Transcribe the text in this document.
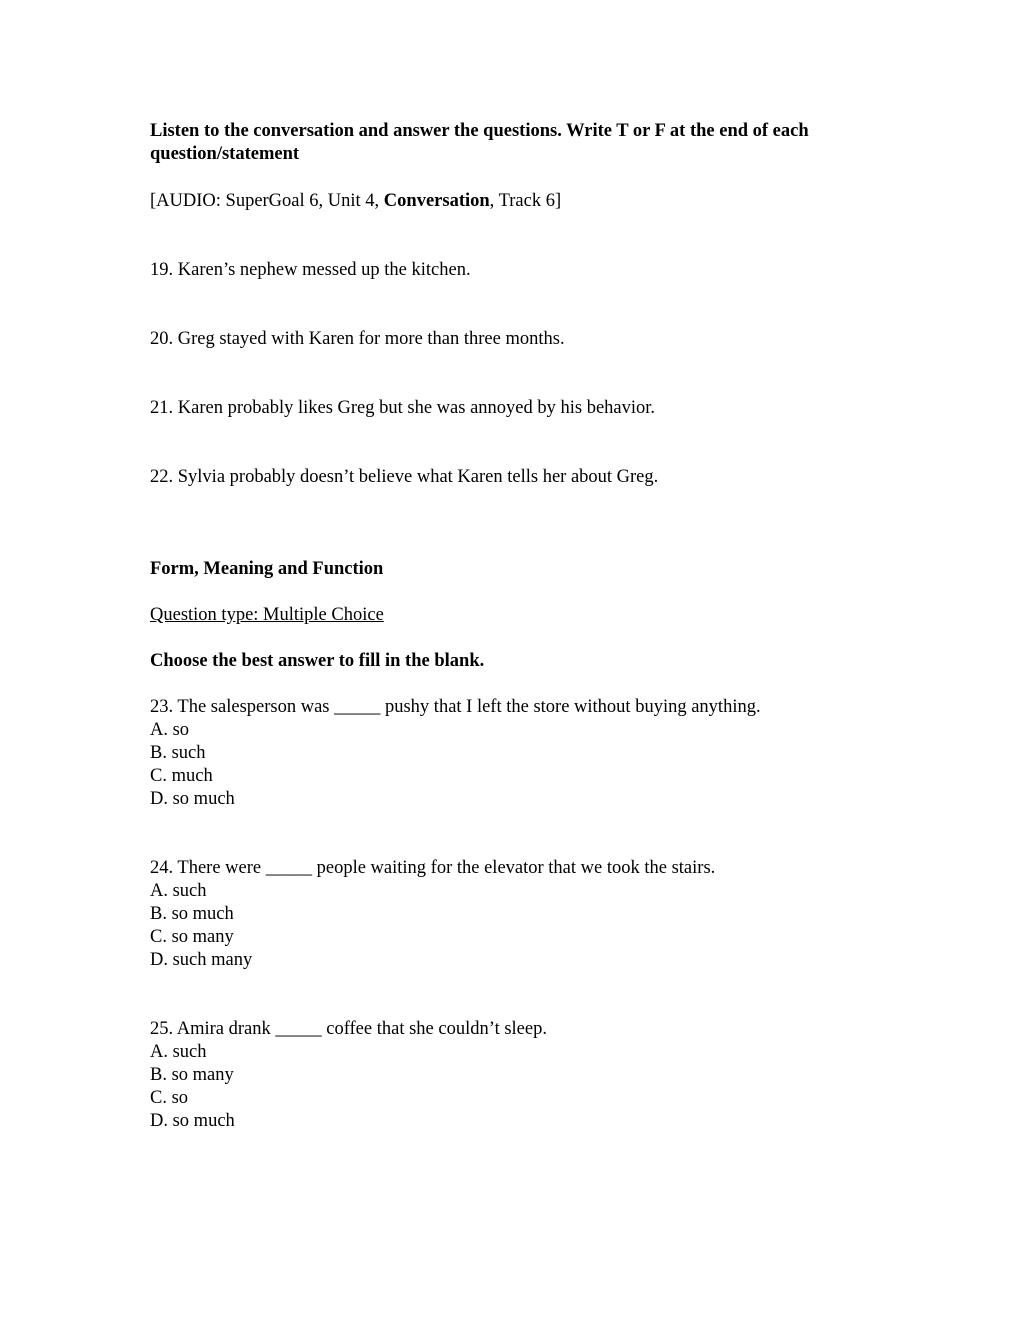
Listen to the conversation and answer the questions. Write T or F at the end of each question/statement
[AUDIO: SuperGoal 6, Unit 4, Conversation, Track 6]
19. Karen’s nephew messed up the kitchen.
20. Greg stayed with Karen for more than three months.
21. Karen probably likes Greg but she was annoyed by his behavior.
22. Sylvia probably doesn’t believe what Karen tells her about Greg.
Form, Meaning and Function
Question type: Multiple Choice
Choose the best answer to fill in the blank.
23. The salesperson was _____ pushy that I left the store without buying anything.
A. so
B. such
C. much
D. so much
24. There were _____ people waiting for the elevator that we took the stairs.
A. such
B. so much
C. so many
D. such many
25. Amira drank _____ coffee that she couldn’t sleep.
A. such
B. so many
C. so
D. so much
